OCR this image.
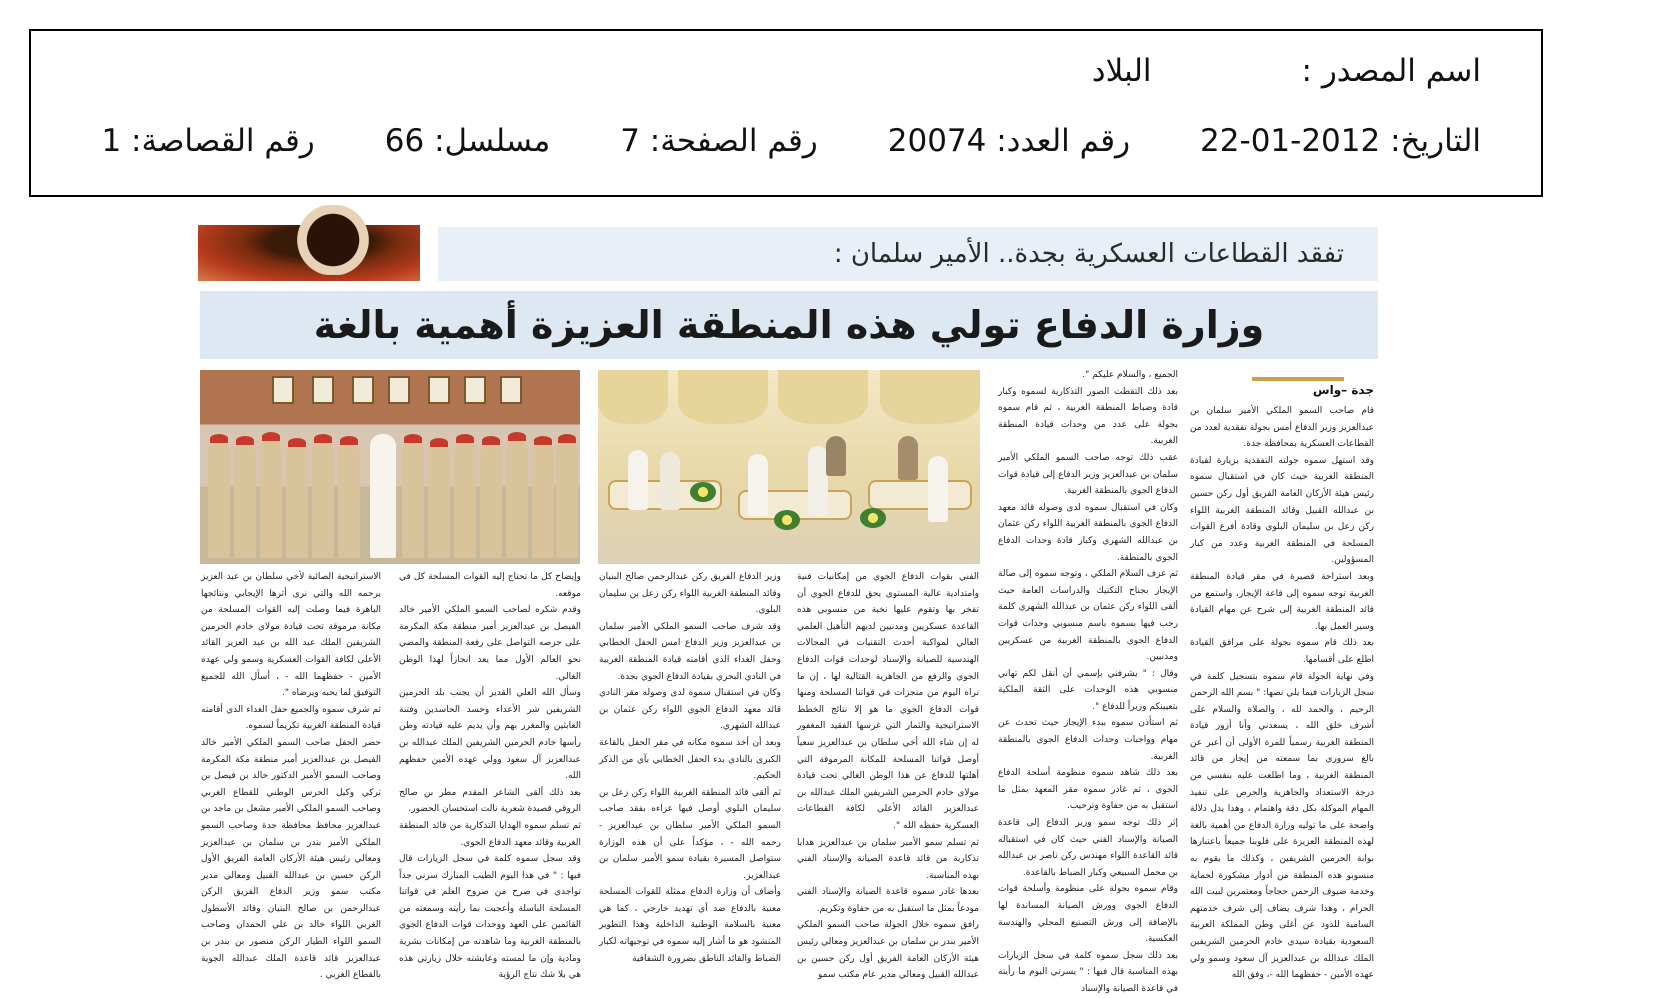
اسم المصدر :
البلاد
التاريخ: 2012-01-22
رقم العدد: 20074
رقم الصفحة: 7
مسلسل: 66
رقم القصاصة: 1
تفقد القطاعات العسكرية بجدة.. الأمير سلمان :
وزارة الدفاع تولي هذه المنطقة العزيزة أهمية بالغة
جدة –واس
قام صاحب السمو الملكي الأمير سلمان بن عبدالعزيز وزير الدفاع أمس بجولة تفقدية لعدد من القطاعات العسكرية بمحافظة جدة.
وقد استهل سموه جولته التفقدية بزيارة لقيادة المنطقة الغربية حيث كان في استقبال سموه رئيس هيئة الأركان العامة الفريق أول ركن حسين بن عبدالله القبيل وقائد المنطقة الغربية اللواء ركن زعل بن سليمان البلوي وقادة أفرع القوات المسلحة في المنطقة الغربية وعدد من كبار المسؤولين.
وبعد استراحة قصيرة في مقر قيادة المنطقة الغربية توجه سموه إلى قاعة الإيجاز، واستمع من قائد المنطقة الغربية إلى شرح عن مهام القيادة وسير العمل بها.
بعد ذلك قام سموه بجولة على مرافق القيادة اطلع على أقسامها.
وفي نهاية الجولة قام سموه بتسجيل كلمة في سجل الزيارات فيما يلي نصها: " بسم الله الرحمن الرحيم ، والحمد لله ، والصلاة والسلام على أشرف خلق الله ، يسعدني وأنا أزور قيادة المنطقة الغربية رسمياً للمرة الأولى أن أعبر عن بالغ سروري بما سمعته من إيجاز من قائد المنطقة الغربية ، وما اطلعت عليه بنفسي من درجة الاستعداد والجاهزية والحرص على تنفيذ المهام الموكلة بكل دقة واهتمام ، وهذا يدل دلالة واضحة على ما توليه وزارة الدفاع من أهمية بالغة لهذه المنطقة العزيزة على قلوبنا جميعاً باعتبارها بوابة الحرمين الشريفين ، وكذلك ما يقوم به منسوبو هذه المنطقة من أدوار مشكورة لحماية وخدمة ضيوف الرحمن حجاجاً ومعتمرين لبيت الله الحرام ، وهذا شرف يضاف إلى شرف خدمتهم السامية للذود عن أغلى وطن المملكة العربية السعودية بقيادة سيدي خادم الحرمين الشريفين الملك عبدالله بن عبدالعزيز آل سعود وسمو ولي عهده الأمين - حفظهما الله -، وفق الله
الجميع ، والسلام عليكم ".
بعد ذلك التقطت الصور التذكارية لسموه وكبار قادة وضباط المنطقة الغربية ، ثم قام سموه بجولة على عدد من وحدات قيادة المنطقة الغربية.
عقب ذلك توجه صاحب السمو الملكي الأمير سلمان بن عبدالعزيز وزير الدفاع إلى قيادة قوات الدفاع الجوي بالمنطقة الغربية.
وكان في استقبال سموه لدى وصوله قائد معهد الدفاع الجوي بالمنطقة الغربية اللواء ركن عثمان بن عبدالله الشهري وكبار قادة وحدات الدفاع الجوي بالمنطقة.
ثم عزف السلام الملكي ، وتوجه سموه إلى صالة الإيجاز بجناح التكتيك والدراسات العامة حيث ألقى اللواء ركن عثمان بن عبدالله الشهري كلمة رحب فيها بسموه باسم منسوبي وحدات قوات الدفاع الجوي بالمنطقة الغربية من عسكريين ومدنيين.
وقال : " يشرفني بإسمي أن أنقل لكم تهاني منسوبي هذه الوحدات على الثقة الملكية بتعيينكم وزيراً للدفاع ".
ثم استأذن سموه ببدء الإيجاز حيث تحدث عن مهام وواجبات وحدات الدفاع الجوي بالمنطقة الغربية.
بعد ذلك شاهد سموه منظومة أسلحة الدفاع الجوي ، ثم غادر سموه مقر المعهد بمثل ما استقبل به من حفاوة وترحيب.
إثر ذلك توجه سمو وزير الدفاع إلى قاعدة الصيانة والإسناد الفني حيث كان في استقباله قائد القاعدة اللواء مهندس ركن ناصر بن عبدالله بن محمل السبيعي وكبار الضباط بالقاعدة.
وقام سموه بجولة على منظومة وأسلحة قوات الدفاع الجوي وورش الصيانة المساندة لها بالإضافة إلى ورش التصنيع المحلي والهندسة العكسية.
بعد ذلك سجل سموه كلمة في سجل الزيارات بهذه المناسبة قال فيها : " يسرني اليوم ما رأيته في قاعدة الصيانة والإسناد
الفني بقوات الدفاع الجوي من إمكانيات فنية وامتدادية عالية المستوى يحق للدفاع الجوي أن تفخر بها وتقوم عليها نخبة من منسوبي هذه القاعدة عسكريين ومدنيين لديهم التأهيل العلمي العالي لمواكبة أحدث التقنيات في المجالات الهندسية للصيانة والإسناد لوحدات قوات الدفاع الجوي والرفع من الجاهزية القتالية لها ، إن ما نراه اليوم من منجزات في قواتنا المسلحة ومنها قوات الدفاع الجوي ما هو إلا نتائج الخطط الاستراتيجية والثمار التي غرسها الفقيد المغفور له إن شاء الله أخي سلطان بن عبدالعزيز سعياً أوصل قواتنا المسلحة للمكانة المرموقة التي أهلتها للدفاع عن هذا الوطن الغالي تحت قيادة مولاي خادم الحرمين الشريفين الملك عبدالله بن عبدالعزيز القائد الأعلى لكافة القطاعات العسكرية حفظه الله ".
ثم تسلم سمو الأمير سلمان بن عبدالعزيز هدايا تذكارية من قائد قاعدة الصيانة والإسناد الفني بهذه المناسبة.
بعدها غادر سموه قاعدة الصيانة والإسناد الفني مودعاً بمثل ما استقبل به من حفاوة وتكريم.
رافق سموه خلال الجولة صاحب السمو الملكي الأمير بندر بن سلمان بن عبدالعزيز ومعالي رئيس هيئة الأركان العامة الفريق أول ركن حسين بن عبدالله القبيل ومعالي مدير عام مكتب سمو
وزير الدفاع الفريق ركن عبدالرحمن صالح البنيان وقائد المنطقة الغربية اللواء ركن زعل بن سليمان البلوي.
وقد شرف صاحب السمو الملكي الأمير سلمان بن عبدالعزيز وزير الدفاع امس الحفل الخطابي وحفل الغداء الذي أقامته قيادة المنطقة الغربية في النادي البحري بقيادة الدفاع الجوي بجدة.
وكان في استقبال سموه لدى وصوله مقر النادي قائد معهد الدفاع الجوي اللواء ركن عثمان بن عبدالله الشهري.
وبعد أن أخذ سموه مكانه في مقر الحفل بالقاعة الكبرى بالنادي بدء الحفل الخطابي بآي من الذكر الحكيم.
ثم ألقى قائد المنطقة الغربية اللواء ركن زعل بن سليمان البلوي أوصل فيها عزاءه بفقد صاحب السمو الملكي الأمير سلطان بن عبدالعزيز - رحمه الله - ، مؤكداً على أن هذه الوزارة ستواصل المسيرة بقيادة سمو الأمير سلمان بن عبدالعزيز.
وأضاف أن وزارة الدفاع ممثلة للقوات المسلحة معنية بالدفاع ضد أي تهديد خارجي ، كما هي معنية بالسلامة الوطنية الداخلية وهذا التطوير المنشود هو ما أشار إليه سموه في توجيهاته لكبار الضباط والقائد الناطق بضرورة الشفافية
وإيضاح كل ما تحتاج إليه القوات المسلحة كل في موقعه.
وقدم شكره لصاحب السمو الملكي الأمير خالد الفيصل بن عبدالعزيز أمير منطقة مكة المكرمة على حرصه التواصل على رفعة المنطقة والمضي نحو العالم الأول مما يعد انجازاً لهذا الوطن الغالي.
وسأل الله العلي القدير أن يجنب بلد الحرمين الشريفين شر الأعداء وحسد الحاسدين وفتنة العابثين والمغرر بهم وأن يديم عليه قيادته وطن رأسها خادم الحرمين الشريفين الملك عبدالله بن عبدالعزيز آل سعود وولي عهده الأمين حفظهم الله.
بعد ذلك ألقى الشاعر المقدم مطر بن صالح الروقي قصيدة شعرية نالت استحسان الحضور.
ثم تسلم سموه الهدايا التذكارية من قائد المنطقة الغربية وقائد معهد الدفاع الجوي.
وقد سجل سموه كلمة في سجل الزيارات قال فيها : " في هذا اليوم الطيب المبارك سرني جداً تواجدي في صرح من صروح العلم في قواتنا المسلحة الباسلة وأعجبت بما رأيته وسمعته من القائمين على العهد ووحدات قوات الدفاع الجوي بالمنطقة الغربية وما شاهدته من إمكانات بشرية ومادية وإن ما لمسته وعايشته خلال زيارتي هذه هي بلا شك نتاج الرؤية
الاستراتيجية الصائبة لأخي سلطان بن عبد العزيز يرحمه الله والتي نرى أثرها الإيجابي ونتائجها الباهرة فيما وصلت إليه القوات المسلحة من مكانة مرموقة تحت قيادة مولاي خادم الحرمين الشريفين الملك عبد الله بن عبد العزيز القائد الأعلى لكافة القوات العسكرية وسمو ولي عهده الأمين - حفظهما الله - ، أسأل الله للجميع التوفيق لما يحبه ويرضاه ".
ثم شرف سموه والجميع حفل الغداء الذي أقامته قيادة المنطقة الغربية تكريماً لسموه.
حضر الحفل صاحب السمو الملكي الأمير خالد الفيصل بن عبدالعزيز أمير منطقة مكة المكرمة وصاحب السمو الأمير الدكتور خالد بن فيصل بن تركي وكيل الحرس الوطني للقطاع الغربي وصاحب السمو الملكي الأمير مشعل بن ماجد بن عبدالعزيز محافظ محافظة جدة وصاحب السمو الملكي الأمير بندر بن سلمان بن عبدالعزيز ومعالي رئيس هيئة الأركان العامة الفريق الأول الركن حسين بن عبدالله القبيل ومعالي مدير مكتب سمو وزير الدفاع الفريق الركن عبدالرحمن بن صالح البنيان وقائد الأسطول الغربي اللواء خالد بن علي الحمدان وصاحب السمو اللواء الطيار الركن منصور بن بندر بن عبدالعزيز قائد قاعدة الملك عبدالله الجوية بالقطاع الغربي .
